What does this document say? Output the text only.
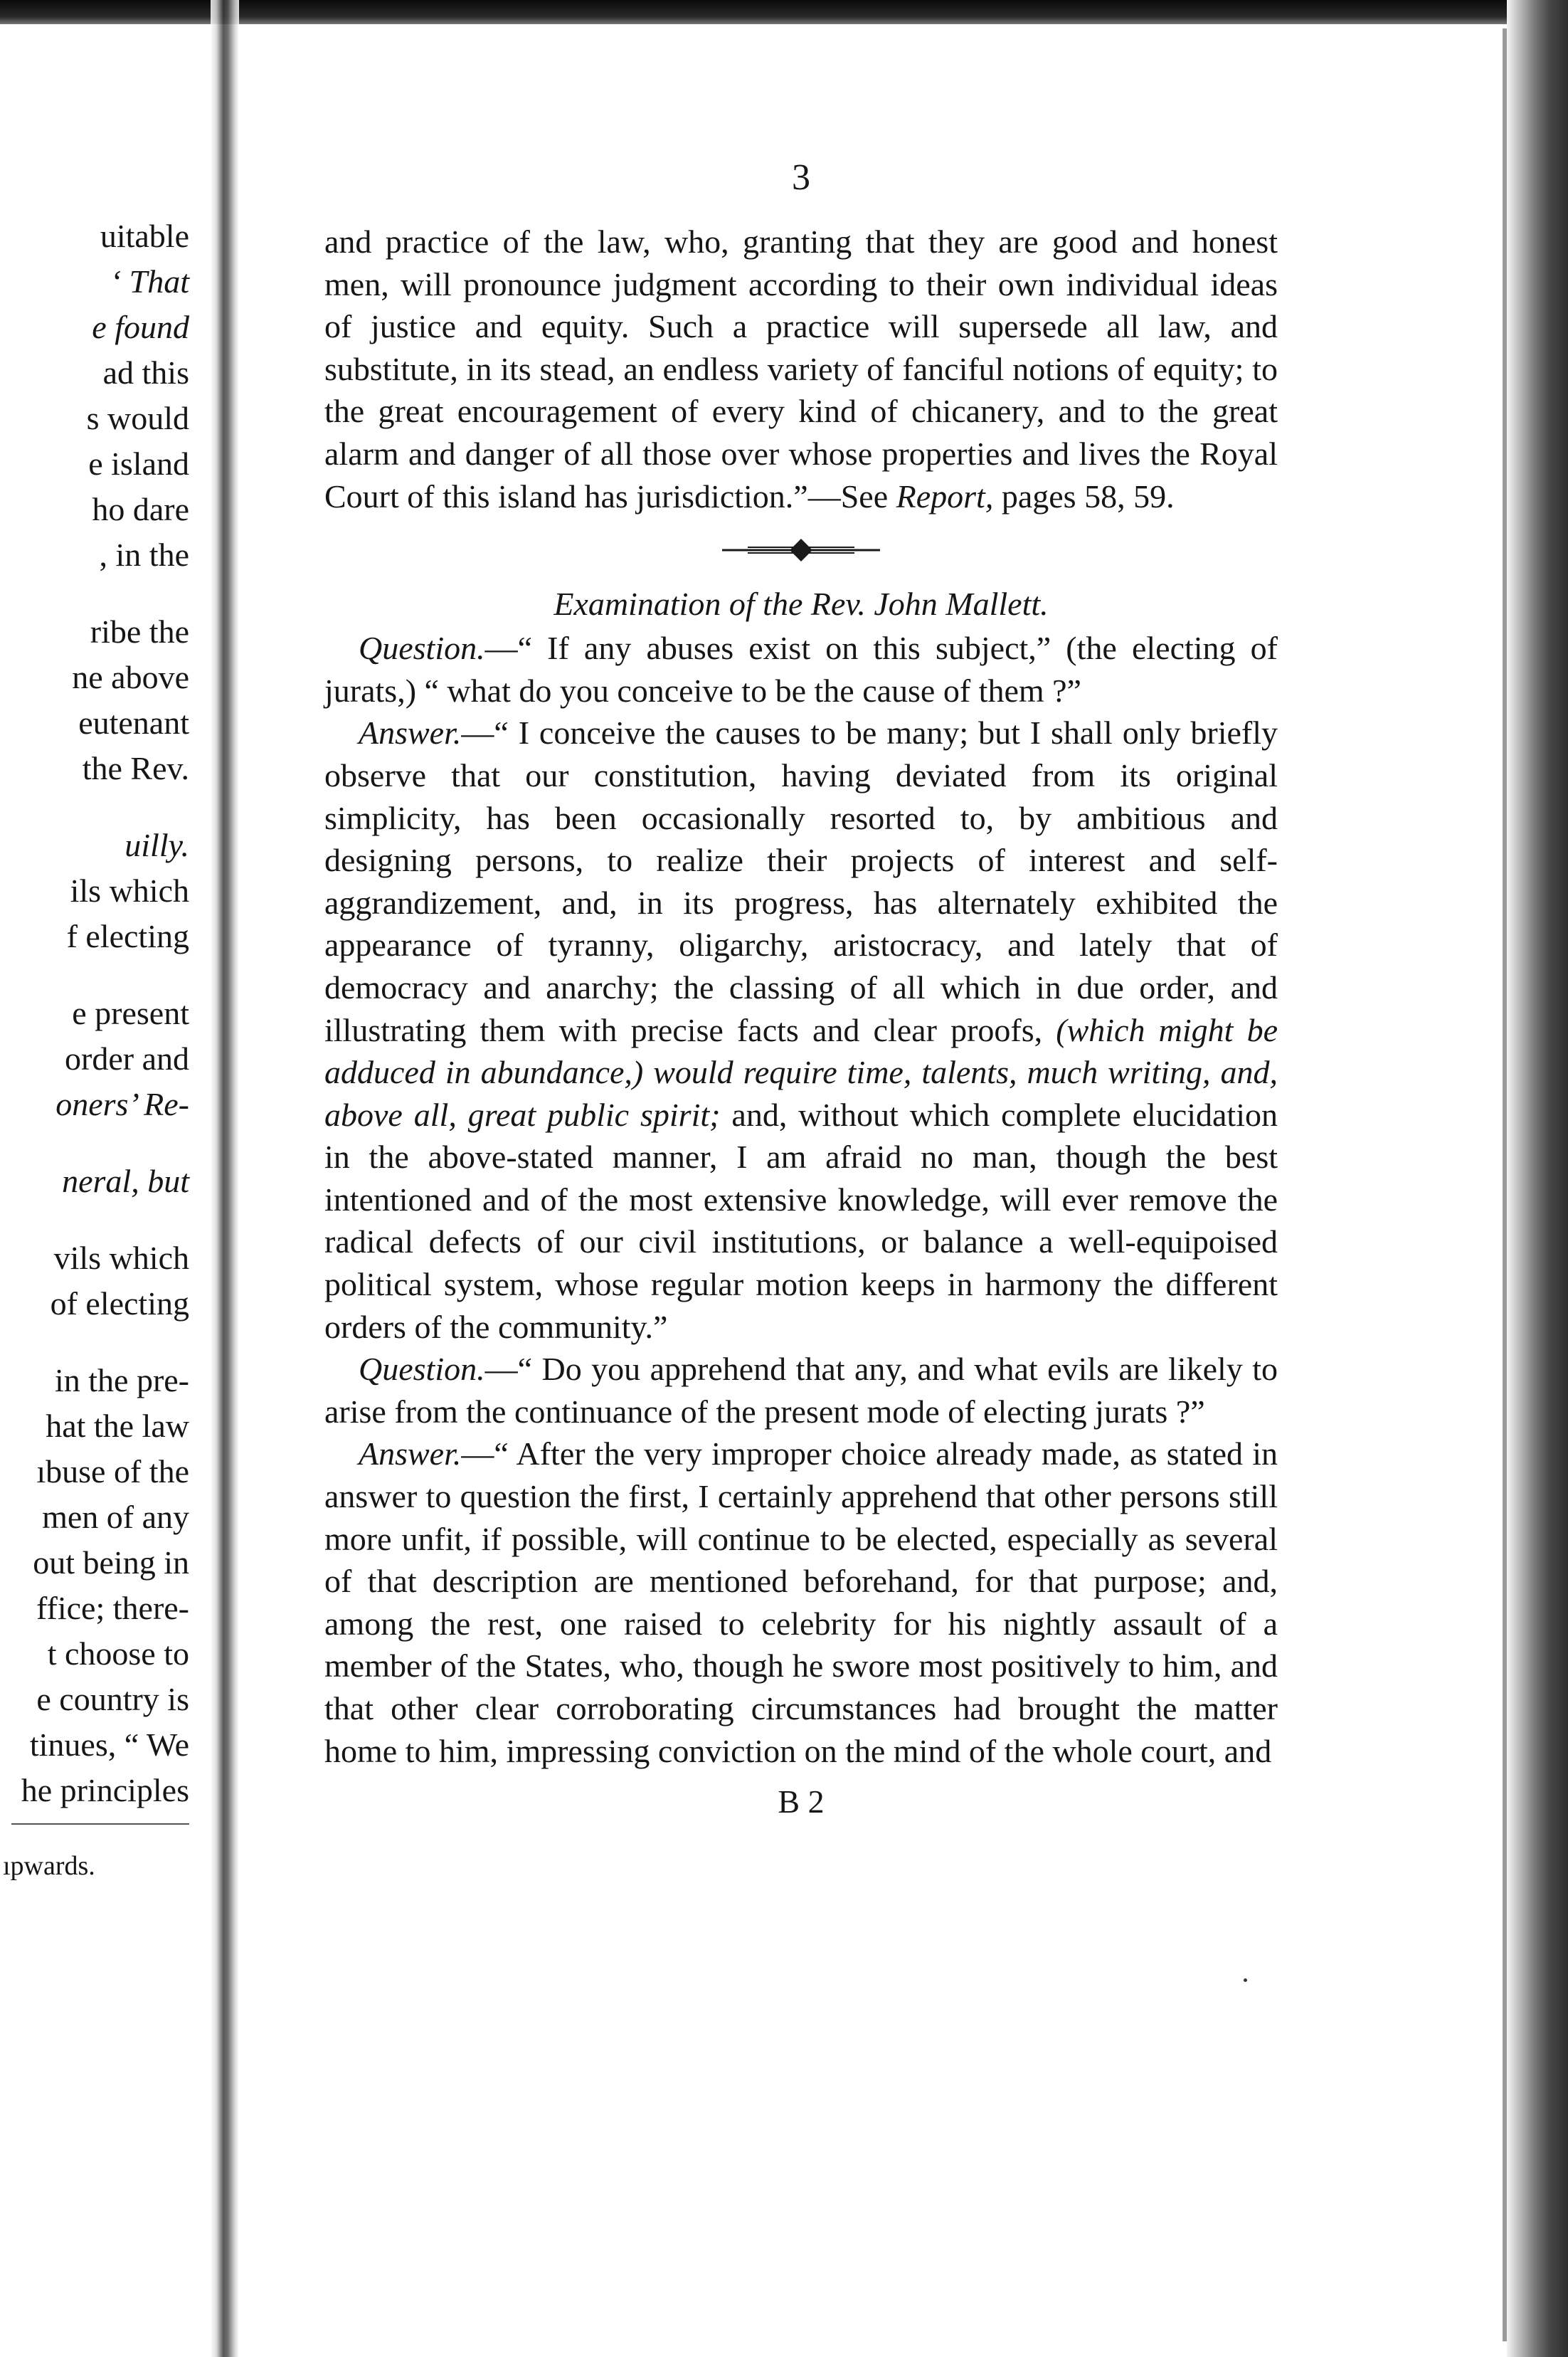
uitable
‘ That
e found
ad this
s would
e island
ho dare
, in the
ribe the
ne above
eutenant
the Rev.
uilly.
ils which
f electing
e present
order and
oners’ Re-
neral, but
vils which
of electing
in the pre-
hat the law
ıbuse of the
men of any
out being in
ffice; there-
t choose to
e country is
tinues, “ We
he principles
ıpwards.
3

and practice of the law, who, granting that they are good and honest men, will pronounce judgment according to their own individual ideas of justice and equity. Such a practice will supersede all law, and substitute, in its stead, an endless variety of fanciful notions of equity; to the great encouragement of every kind of chicanery, and to the great alarm and danger of all those over whose properties and lives the Royal Court of this island has jurisdiction.”—See Report, pages 58, 59.

Examination of the Rev. John Mallett.

Question.—“ If any abuses exist on this subject,” (the electing of jurats,) “ what do you conceive to be the cause of them ?”

Answer.—“ I conceive the causes to be many; but I shall only briefly observe that our constitution, having deviated from its original simplicity, has been occasionally resorted to, by ambitious and designing persons, to realize their projects of interest and self-aggrandizement, and, in its progress, has alternately exhibited the appearance of tyranny, oligarchy, aristocracy, and lately that of democracy and anarchy; the classing of all which in due order, and illustrating them with precise facts and clear proofs, (which might be adduced in abundance,) would require time, talents, much writing, and, above all, great public spirit; and, without which complete elucidation in the above-stated manner, I am afraid no man, though the best intentioned and of the most extensive knowledge, will ever remove the radical defects of our civil institutions, or balance a well-equipoised political system, whose regular motion keeps in harmony the different orders of the community.”

Question.—“ Do you apprehend that any, and what evils are likely to arise from the continuance of the present mode of electing jurats ?”

Answer.—“ After the very improper choice already made, as stated in answer to question the first, I certainly apprehend that other persons still more unfit, if possible, will continue to be elected, especially as several of that description are mentioned beforehand, for that purpose; and, among the rest, one raised to celebrity for his nightly assault of a member of the States, who, though he swore most positively to him, and that other clear corroborating circumstances had brought the matter home to him, impressing conviction on the mind of the whole court, and

B 2
